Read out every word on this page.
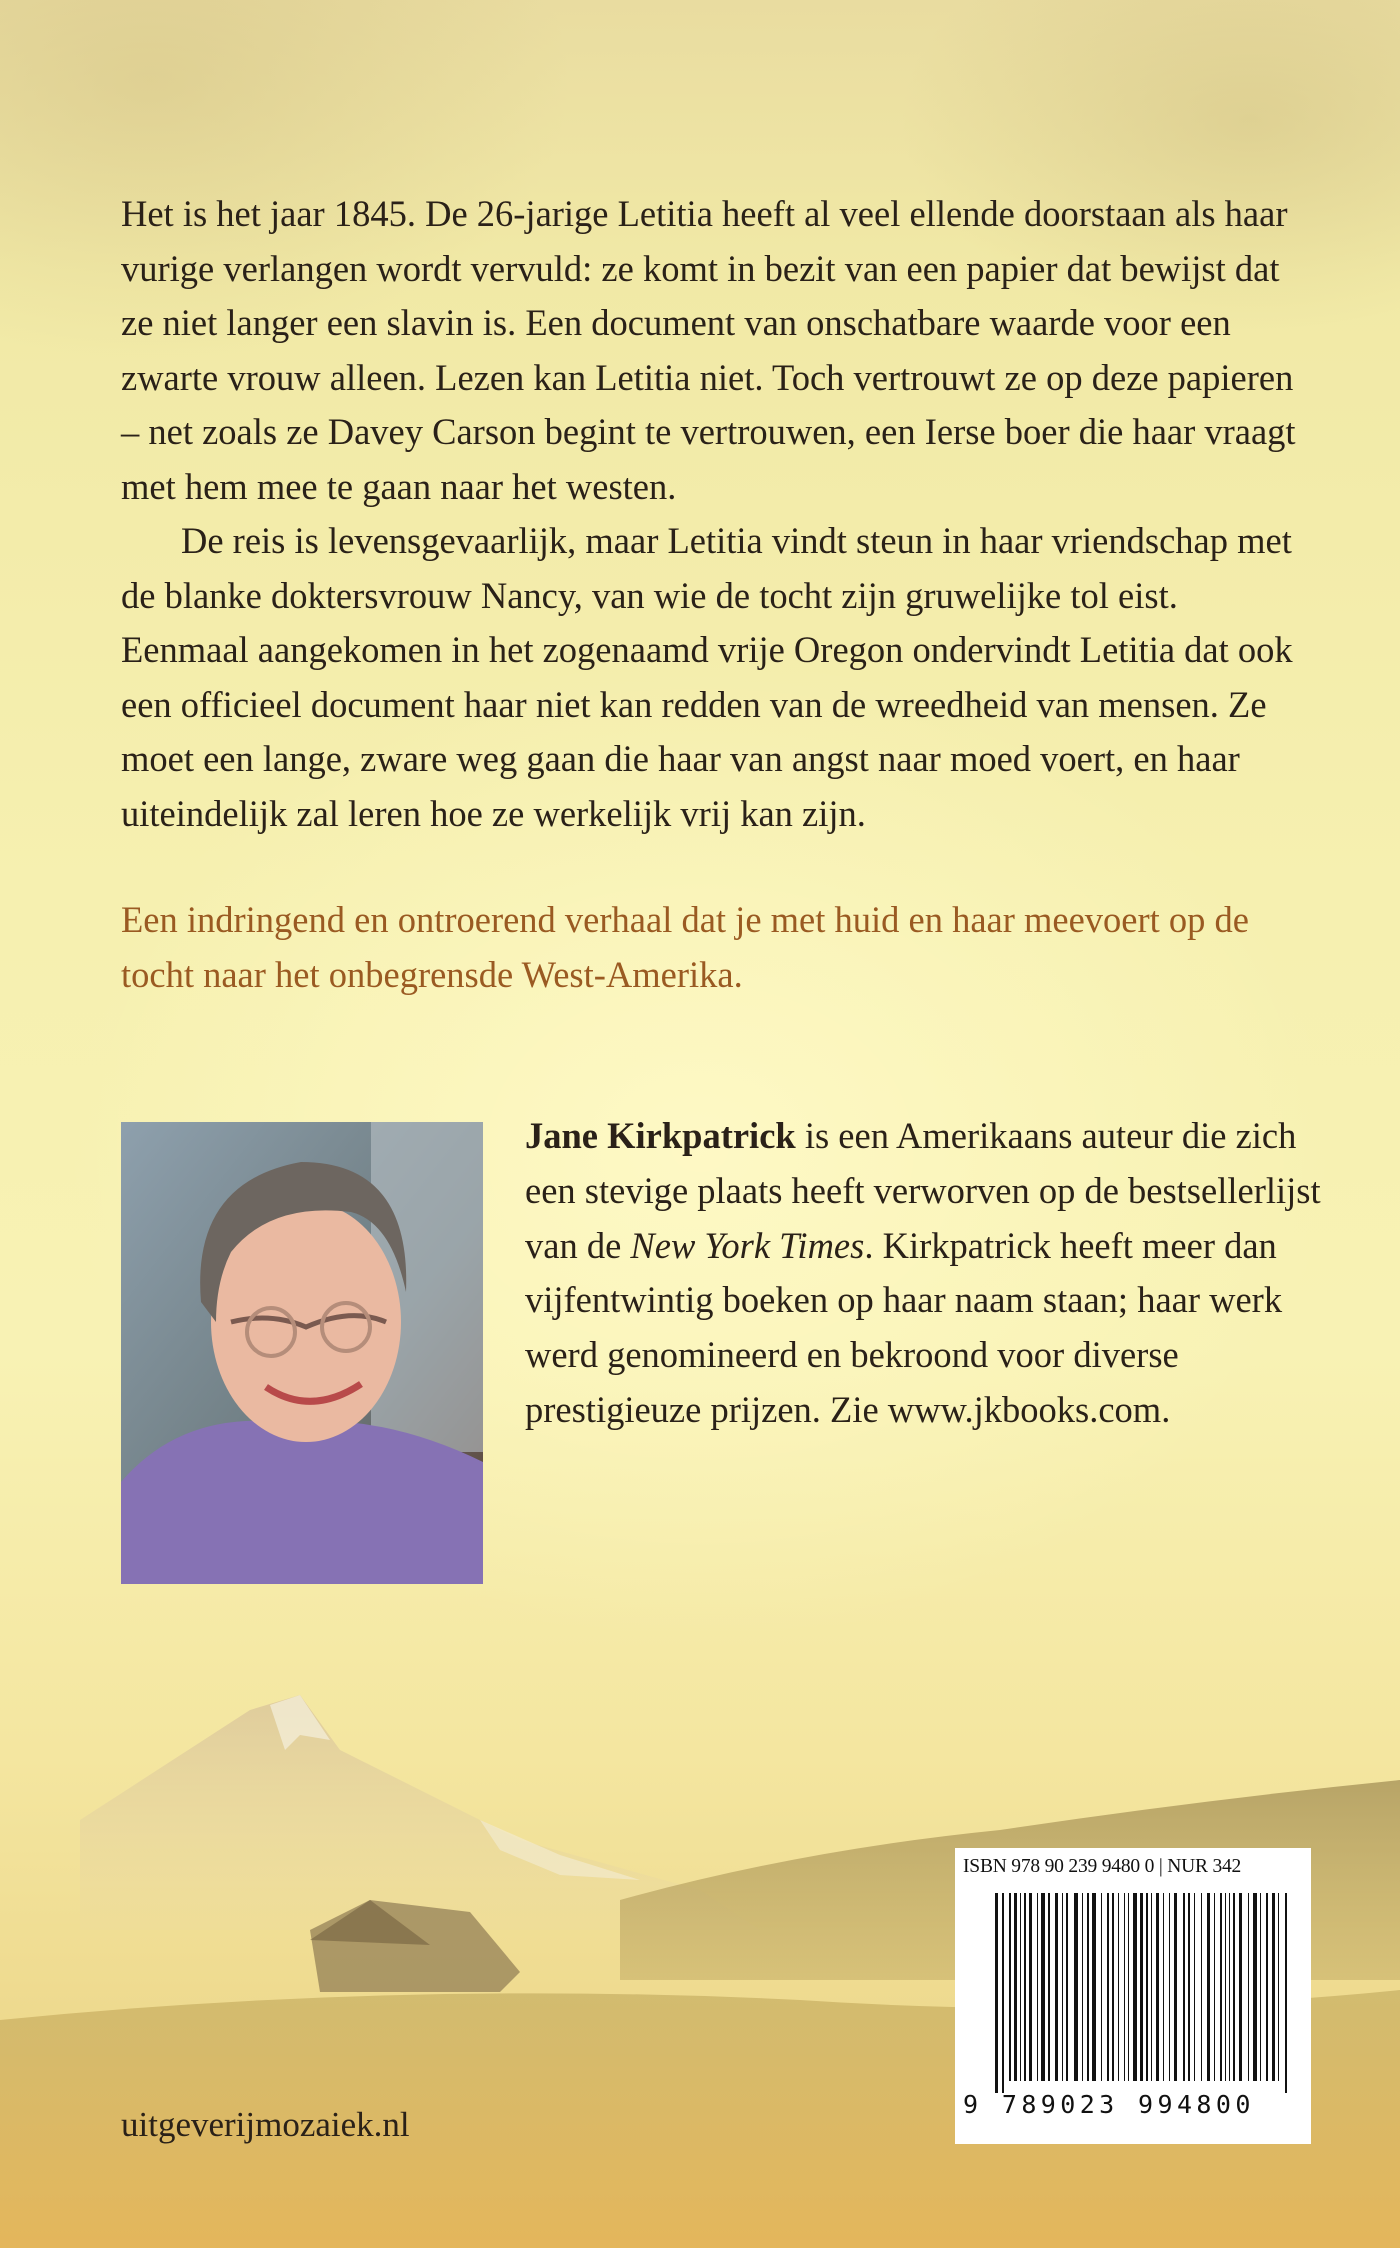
Het is het jaar 1845. De 26-jarige Letitia heeft al veel ellende doorstaan als haar vurige verlangen wordt vervuld: ze komt in bezit van een papier dat bewijst dat ze niet langer een slavin is. Een document van onschatbare waarde voor een zwarte vrouw alleen. Lezen kan Letitia niet. Toch vertrouwt ze op deze papieren – net zoals ze Davey Carson begint te vertrouwen, een Ierse boer die haar vraagt met hem mee te gaan naar het westen.

De reis is levensgevaarlijk, maar Letitia vindt steun in haar vriendschap met de blanke doktersvrouw Nancy, van wie de tocht zijn gruwelijke tol eist. Eenmaal aangekomen in het zogenaamd vrije Oregon ondervindt Letitia dat ook een officieel document haar niet kan redden van de wreedheid van mensen. Ze moet een lange, zware weg gaan die haar van angst naar moed voert, en haar uiteindelijk zal leren hoe ze werkelijk vrij kan zijn.

Een indringend en ontroerend verhaal dat je met huid en haar meevoert op de tocht naar het onbegrensde West-Amerika.

Jane Kirkpatrick is een Amerikaans auteur die zich een stevige plaats heeft verworven op de bestsellerlijst van de New York Times. Kirkpatrick heeft meer dan vijfentwintig boeken op haar naam staan; haar werk werd genomineerd en bekroond voor diverse prestigieuze prijzen. Zie www.jkbooks.com.

uitgeverijmozaiek.nl
ISBN 978 90 239 9480 0 | NUR 342
9 789023 994800
